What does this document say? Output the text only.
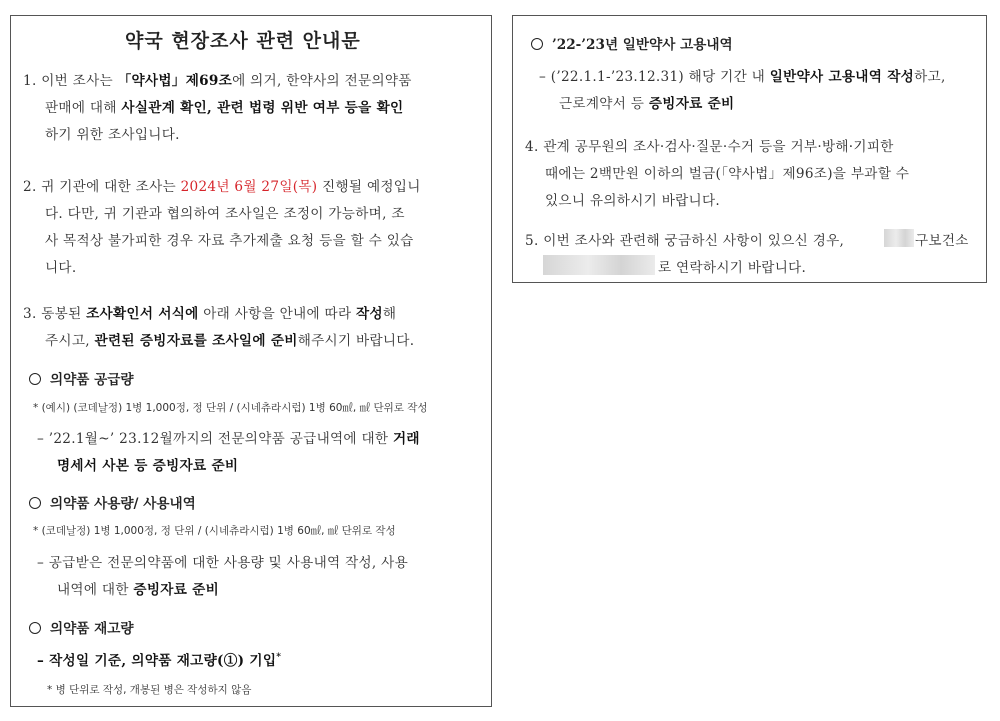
약국 현장조사 관련 안내문
1. 이번 조사는 「약사법」제69조에 의거, 한약사의 전문의약품
판매에 대해 사실관계 확인, 관련 법령 위반 여부 등을 확인
하기 위한 조사입니다.
2. 귀 기관에 대한 조사는 2024년 6월 27일(목) 진행될 예정입니
다. 다만, 귀 기관과 협의하여 조사일은 조정이 가능하며, 조
사 목적상 불가피한 경우 자료 추가제출 요청 등을 할 수 있습
니다.
3. 동봉된 조사확인서 서식에 아래 사항을 안내에 따라 작성해
주시고, 관련된 증빙자료를 조사일에 준비해주시기 바랍니다.
의약품 공급량
* (예시) (코데날정) 1병 1,000정, 정 단위 / (시네츄라시럽) 1병 60㎖, ㎖ 단위로 작성
– ’22.1월~’ 23.12월까지의 전문의약품 공급내역에 대한 거래
명세서 사본 등 증빙자료 준비
의약품 사용량/ 사용내역
* (코데날정) 1병 1,000정, 정 단위 / (시네츄라시럽) 1병 60㎖, ㎖ 단위로 작성
– 공급받은 전문의약품에 대한 사용량 및 사용내역 작성, 사용
내역에 대한 증빙자료 준비
의약품 재고량
– 작성일 기준, 의약품 재고량(①) 기입*
* 병 단위로 작성, 개봉된 병은 작성하지 않음
’22-’23년 일반약사 고용내역
– (’22.1.1-’23.12.31) 해당 기간 내 일반약사 고용내역 작성하고,
근로계약서 등 증빙자료 준비
4. 관계 공무원의 조사·검사·질문·수거 등을 거부·방해·기피한
때에는 2백만원 이하의 벌금(「약사법」제96조)을 부과할 수
있으니 유의하시기 바랍니다.
5. 이번 조사와 관련해 궁금하신 사항이 있으신 경우,	구보건소
로 연락하시기 바랍니다.
